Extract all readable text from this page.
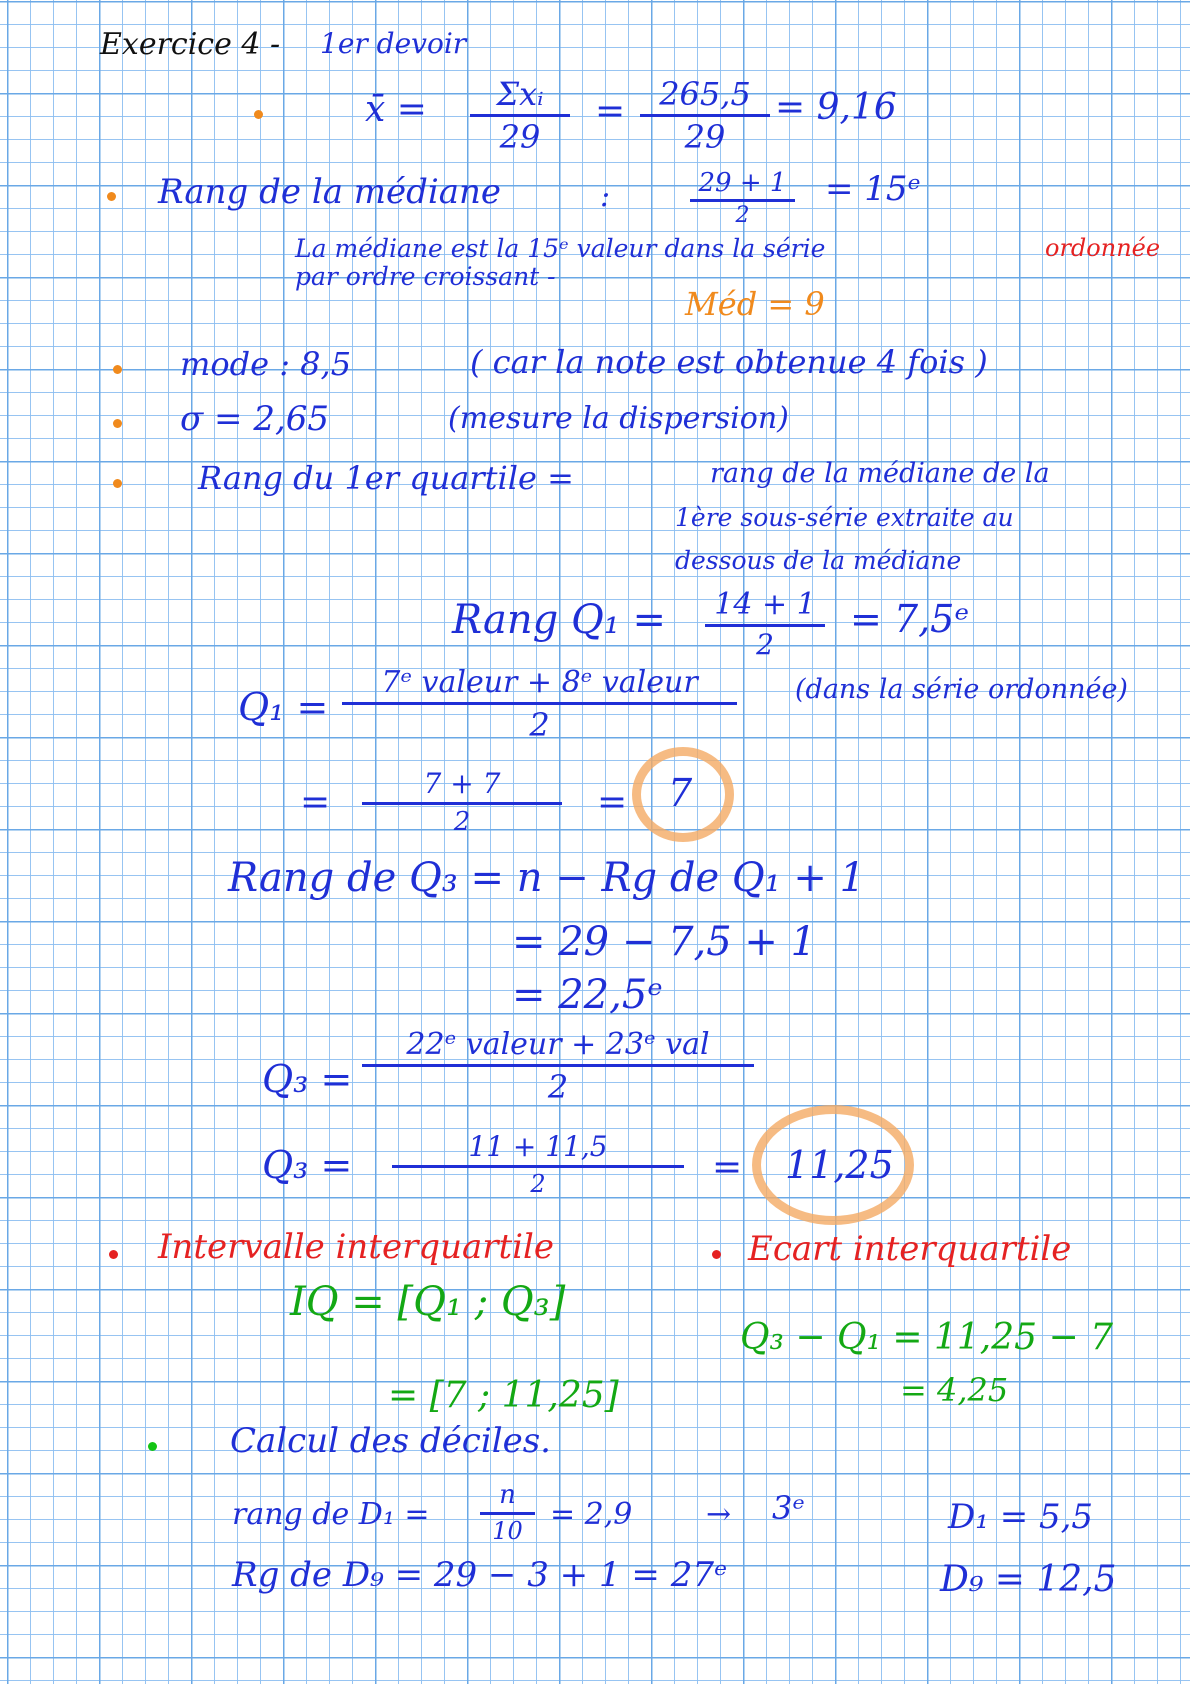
Exercice 4 - 1er devoir
x̄ =	Σxᵢ
29
=	265,5
29
= 9,16
Rang de la médiane	:	29 + 1
2
= 15ᵉ
La médiane est la 15ᵉ valeur dans la série	ordonnée
par ordre croissant -
Méd = 9
mode : 8,5	( car la note est obtenue 4 fois )
σ = 2,65	(mesure la dispersion)
Rang du 1er quartile =	rang de la médiane de la
1ère sous-série extraite au
dessous de la médiane
Rang Q₁ =	14 + 1
2
= 7,5ᵉ
Q₁ =
7ᵉ valeur + 8ᵉ valeur
2
(dans la série ordonnée)
=	7 + 7
2	= 7
Rang de Q₃ = n − Rg de Q₁ + 1
= 29 − 7,5 + 1
= 22,5ᵉ
Q₃ =
22ᵉ valeur + 23ᵉ val
2
Q₃ =	11 + 11,5
2	= 11,25
Intervalle interquartile
IQ = [Q₁ ; Q₃]
= [7 ; 11,25]
Ecart interquartile
Q₃ − Q₁ = 11,25 − 7
= 4,25
Calcul des déciles.
rang de D₁ =
n
10 = 2,9 → 3ᵉ	D₁ = 5,5
Rg de D₉ = 29 − 3 + 1 = 27ᵉ	D₉ = 12,5
